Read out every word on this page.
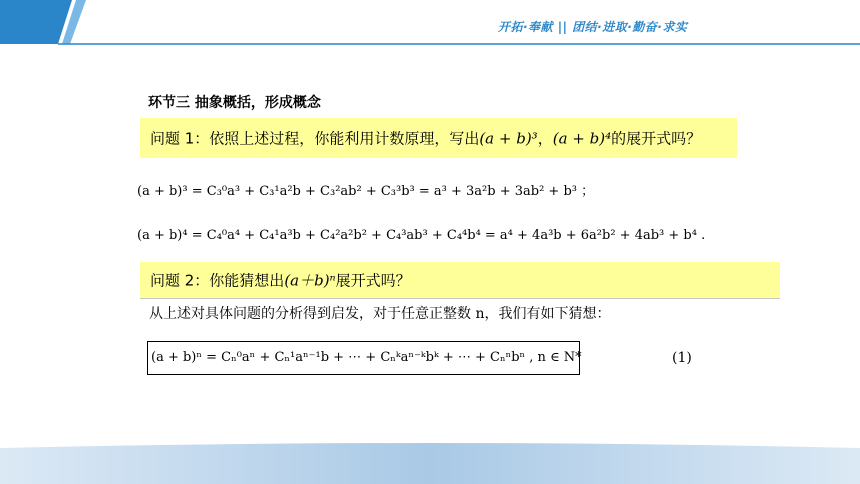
开拓·奉献 || 团结·进取·勤奋·求实
环节三 抽象概括，形成概念
问题 1：依照上述过程，你能利用计数原理，写出(a + b)³，(a + b)⁴的展开式吗？
(a + b)³ = C₃⁰a³ + C₃¹a²b + C₃²ab² + C₃³b³ = a³ + 3a²b + 3ab² + b³ ；
(a + b)⁴ = C₄⁰a⁴ + C₄¹a³b + C₄²a²b² + C₄³ab³ + C₄⁴b⁴ = a⁴ + 4a³b + 6a²b² + 4ab³ + b⁴ .
问题 2：你能猜想出(a＋b)ⁿ展开式吗？
从上述对具体问题的分析得到启发，对于任意正整数 n，我们有如下猜想：
(a + b)ⁿ = Cₙ⁰aⁿ + Cₙ¹aⁿ⁻¹b + ⋯ + Cₙᵏaⁿ⁻ᵏbᵏ + ⋯ + Cₙⁿbⁿ , n ∈ N*	(1)
